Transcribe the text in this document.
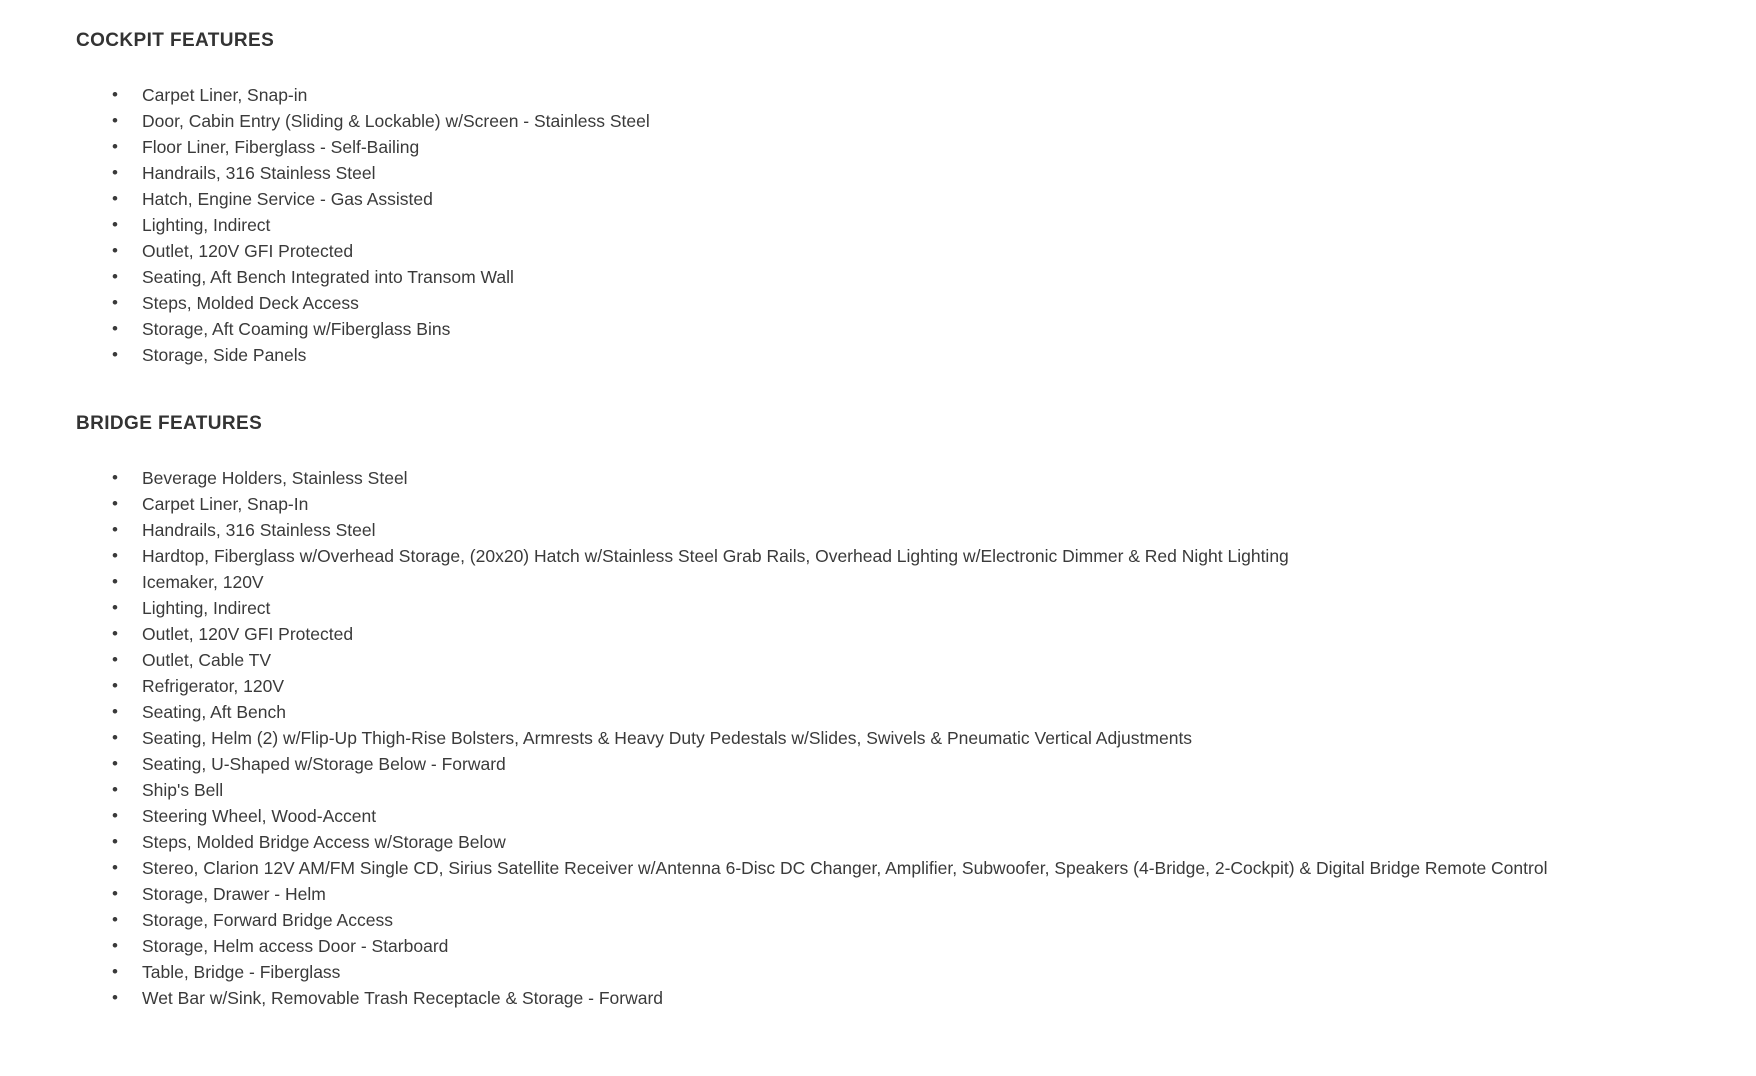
COCKPIT FEATURES
• Carpet Liner, Snap-in
• Door, Cabin Entry (Sliding & Lockable) w/Screen - Stainless Steel
• Floor Liner, Fiberglass - Self-Bailing
• Handrails, 316 Stainless Steel
• Hatch, Engine Service - Gas Assisted
• Lighting, Indirect
• Outlet, 120V GFI Protected
• Seating, Aft Bench Integrated into Transom Wall
• Steps, Molded Deck Access
• Storage, Aft Coaming w/Fiberglass Bins
• Storage, Side Panels
BRIDGE FEATURES
• Beverage Holders, Stainless Steel
• Carpet Liner, Snap-In
• Handrails, 316 Stainless Steel
• Hardtop, Fiberglass w/Overhead Storage, (20x20) Hatch w/Stainless Steel Grab Rails, Overhead Lighting w/Electronic Dimmer & Red Night Lighting
• Icemaker, 120V
• Lighting, Indirect
• Outlet, 120V GFI Protected
• Outlet, Cable TV
• Refrigerator, 120V
• Seating, Aft Bench
• Seating, Helm (2) w/Flip-Up Thigh-Rise Bolsters, Armrests & Heavy Duty Pedestals w/Slides, Swivels & Pneumatic Vertical Adjustments
• Seating, U-Shaped w/Storage Below - Forward
• Ship's Bell
• Steering Wheel, Wood-Accent
• Steps, Molded Bridge Access w/Storage Below
• Stereo, Clarion 12V AM/FM Single CD, Sirius Satellite Receiver w/Antenna 6-Disc DC Changer, Amplifier, Subwoofer, Speakers (4-Bridge, 2-Cockpit) & Digital Bridge Remote Control
• Storage, Drawer - Helm
• Storage, Forward Bridge Access
• Storage, Helm access Door - Starboard
• Table, Bridge - Fiberglass
• Wet Bar w/Sink, Removable Trash Receptacle & Storage - Forward
